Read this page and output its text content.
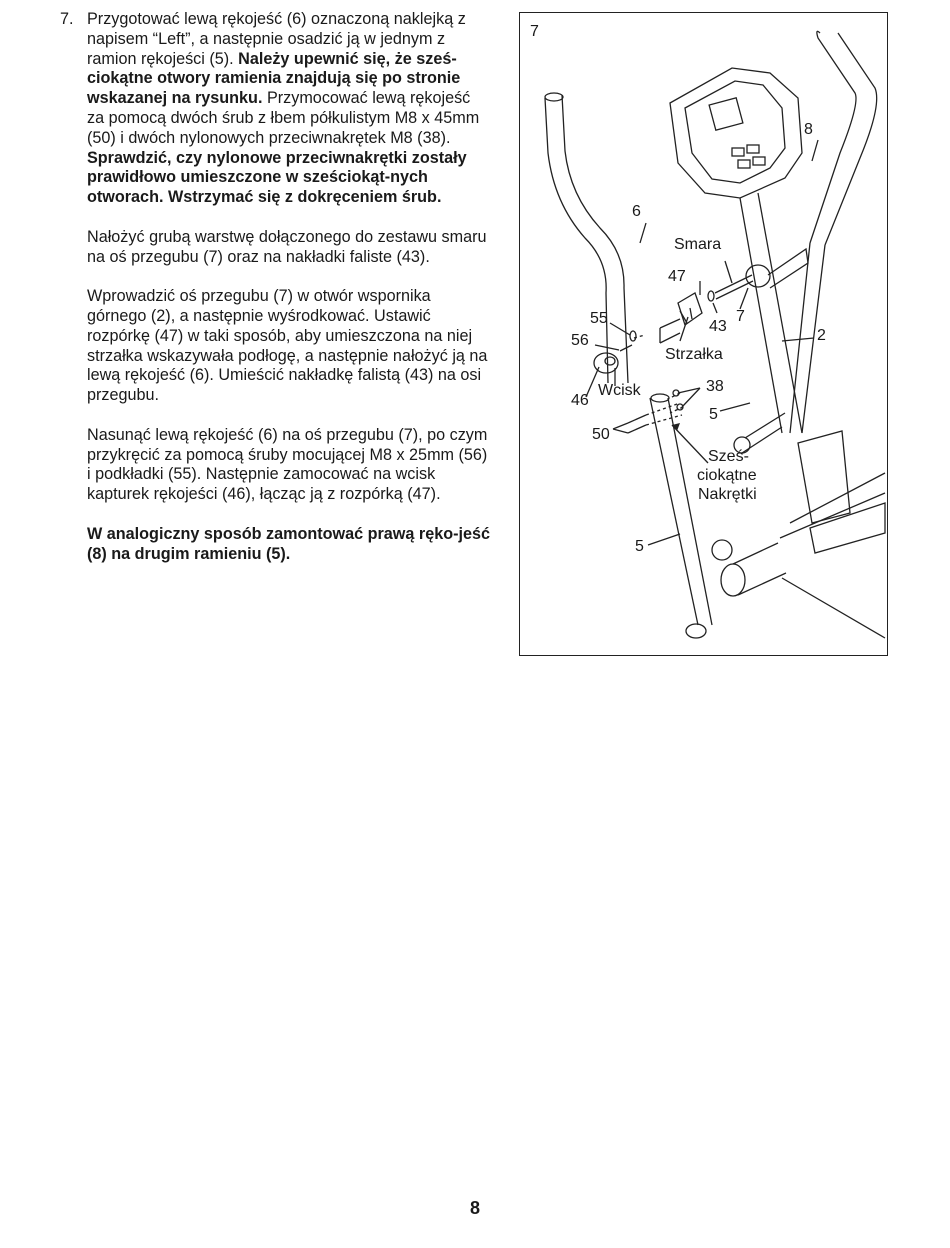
7. Przygotować lewą rękojeść (6) oznaczoną naklejką z napisem “Left”, a następnie osadzić ją w jednym z ramion rękojeści (5). Należy upewnić się, że sześ-ciokątne otwory ramienia znajdują się po stronie wskazanej na rysunku. Przymocować lewą rękojeść za pomocą dwóch śrub z łbem półkulistym M8 x 45mm (50) i dwóch nylonowych przeciwnakrętek M8 (38). Sprawdzić, czy nylonowe przeciwnakrętki zostały prawidłowo umieszczone w sześciokąt-nych otworach. Wstrzymać się z dokręceniem śrub.
Nałożyć grubą warstwę dołączonego do zestawu smaru na oś przegubu (7) oraz na nakładki faliste (43).
Wprowadzić oś przegubu (7) w otwór wspornika górnego (2), a następnie wyśrodkować. Ustawić rozpórkę (47) w taki sposób, aby umieszczona na niej strzałka wskazywała podłogę, a następnie nałożyć ją na lewą rękojeść (6). Umieścić nakładkę falistą (43) na osi przegubu.
Nasunąć lewą rękojeść (6) na oś przegubu (7), po czym przykręcić za pomocą śruby mocującej M8 x 25mm (56) i podkładki (55). Następnie zamocować na wcisk kapturek rękojeści (46), łącząc ją z rozpórką (47).
W analogiczny sposób zamontować prawą ręko-jeść (8) na drugim ramieniu (5).
7
6
8
Smara
47
55
56
43
7
2
Strzałka
46
Wcisk	38
5
50
Sześ-
ciokątne
Nakrętki
5
8
